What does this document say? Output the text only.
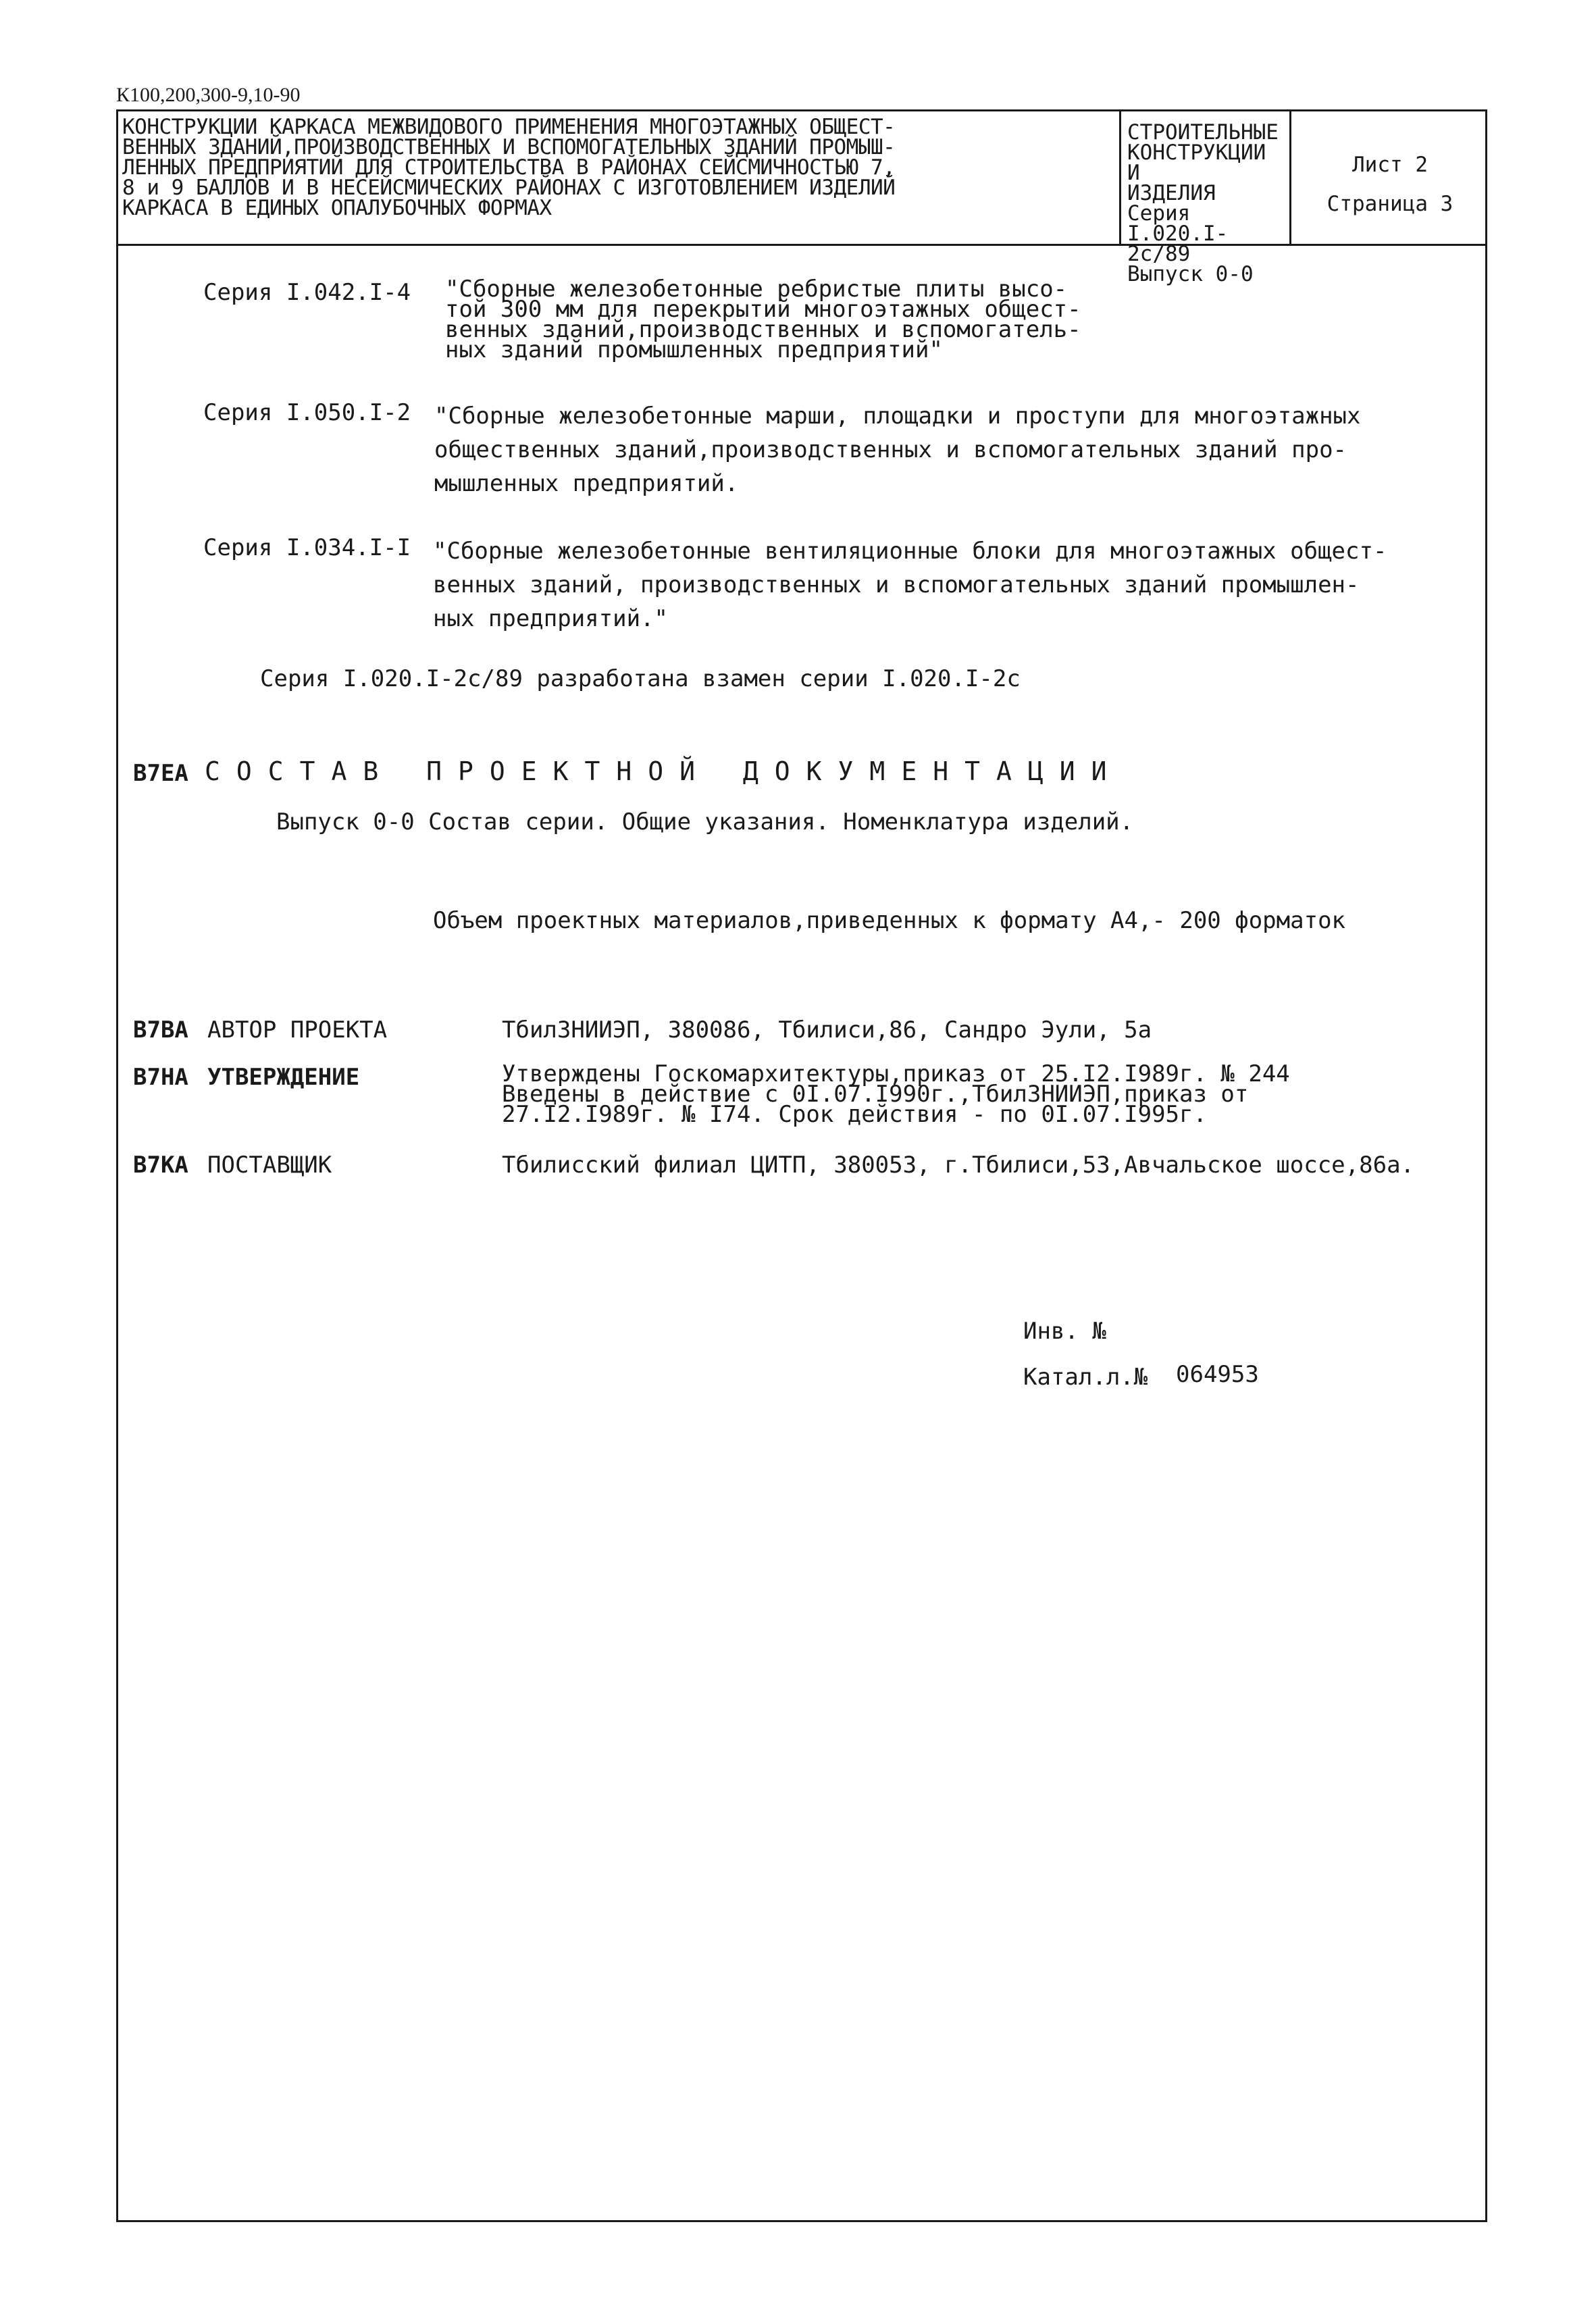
К100,200,300-9,10-90
КОНСТРУКЦИИ КАРКАСА МЕЖВИДОВОГО ПРИМЕНЕНИЯ МНОГОЭТАЖНЫХ ОБЩЕСТ-
ВЕННЫХ ЗДАНИЙ,ПРОИЗВОДСТВЕННЫХ И ВСПОМОГАТЕЛЬНЫХ ЗДАНИЙ ПРОМЫШ-
ЛЕННЫХ ПРЕДПРИЯТИЙ ДЛЯ СТРОИТЕЛЬСТВА В РАЙОНАХ СЕЙСМИЧНОСТЬЮ 7,
8 и 9 БАЛЛОВ И В НЕСЕЙСМИЧЕСКИХ РАЙОНАХ С ИЗГОТОВЛЕНИЕМ ИЗДЕЛИЙ
КАРКАСА В ЕДИНЫХ ОПАЛУБОЧНЫХ ФОРМАХ
СТРОИТЕЛЬНЫЕ
КОНСТРУКЦИИ И
ИЗДЕЛИЯ
Серия I.020.I-2с/89
Выпуск 0-0
Лист 2
Страница 3
Серия I.042.I-4 "Сборные железобетонные ребристые плиты высо-
той 300 мм для перекрытий многоэтажных общест-
венных зданий,производственных и вспомогатель-
ных зданий промышленных предприятий"
Серия I.050.I-2 "Сборные железобетонные марши, площадки и проступи для многоэтажных
общественных зданий,производственных и вспомогательных зданий про-
мышленных предприятий.
Серия I.034.I-I "Сборные железобетонные вентиляционные блоки для многоэтажных общест-
венных зданий, производственных и вспомогательных зданий промышлен-
ных предприятий."
Серия I.020.I-2с/89 разработана взамен серии I.020.I-2с
В7ЕА СОСТАВ ПРОЕКТНОЙ ДОКУМЕНТАЦИИ
Выпуск 0-0 Состав серии. Общие указания. Номенклатура изделий.
Объем проектных материалов,приведенных к формату А4,- 200 форматок
В7ВА АВТОР ПРОЕКТА	ТбилЗНИИЭП, 380086, Тбилиси,86, Сандро Эули, 5а
В7НА УТВЕРЖДЕНИЕ	Утверждены Госкомархитектуры,приказ от 25.I2.I989г. № 244
Введены в действие с 0I.07.I990г.,ТбилЗНИИЭП,приказ от
27.I2.I989г. № I74. Срок действия - по 0I.07.I995г.
В7КА ПОСТАВЩИК	Тбилисский филиал ЦИТП, 380053, г.Тбилиси,53,Авчальское шоссе,86а.
Инв. №
Катал.л.№ 064953
